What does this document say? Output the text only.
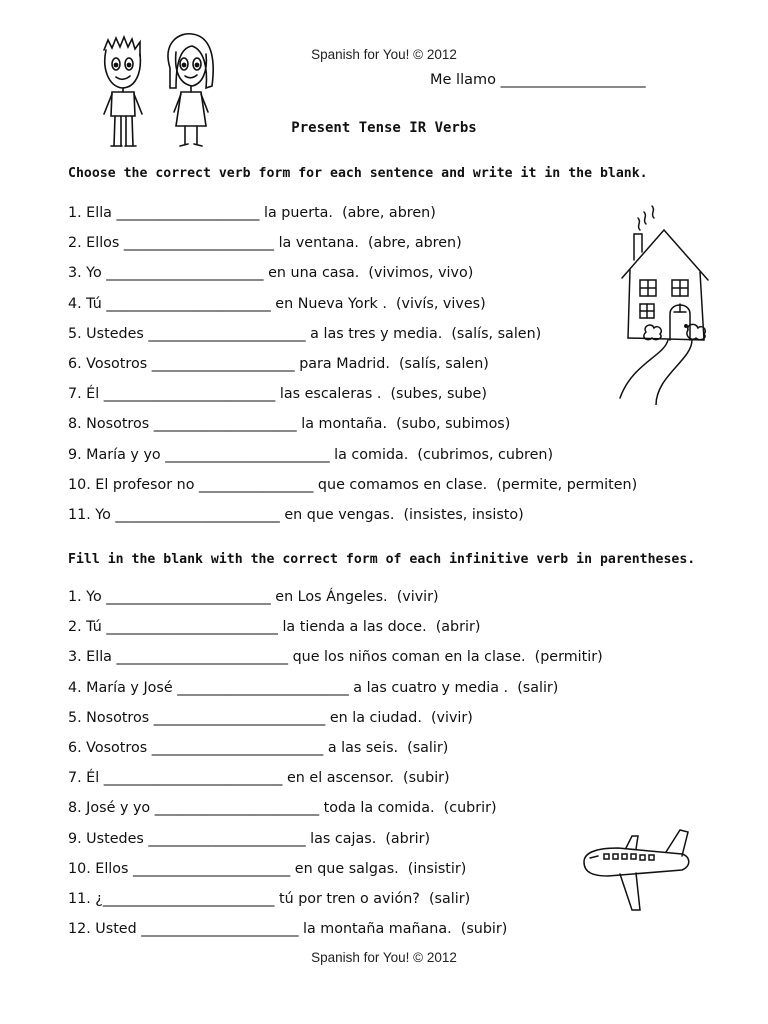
Spanish for You! © 2012
Me llamo ____________________
Present Tense IR Verbs
Choose the correct verb form for each sentence and write it in the blank.
1. Ella ____________________ la puerta.  (abre, abren)
2. Ellos _____________________ la ventana.  (abre, abren)
3. Yo ______________________ en una casa.  (vivimos, vivo)
4. Tú _______________________ en Nueva York .  (vivís, vives)
5. Ustedes ______________________ a las tres y media.  (salís, salen)
6. Vosotros ____________________ para Madrid.  (salís, salen)
7. Él ________________________ las escaleras .  (subes, sube)
8. Nosotros ____________________ la montaña.  (subo, subimos)
9. María y yo _______________________ la comida.  (cubrimos, cubren)
10. El profesor no ________________ que comamos en clase.  (permite, permiten)
11. Yo _______________________ en que vengas.  (insistes, insisto)
Fill in the blank with the correct form of each infinitive verb in parentheses.
1. Yo _______________________ en Los Ángeles.  (vivir)
2. Tú ________________________ la tienda a las doce.  (abrir)
3. Ella ________________________ que los niños coman en la clase.  (permitir)
4. María y José ________________________ a las cuatro y media .  (salir)
5. Nosotros ________________________ en la ciudad.  (vivir)
6. Vosotros ________________________ a las seis.  (salir)
7. Él _________________________ en el ascensor.  (subir)
8. José y yo _______________________ toda la comida.  (cubrir)
9. Ustedes ______________________ las cajas.  (abrir)
10. Ellos ______________________ en que salgas.  (insistir)
11. ¿________________________ tú por tren o avión?  (salir)
12. Usted ______________________ la montaña mañana.  (subir)
Spanish for You! © 2012
